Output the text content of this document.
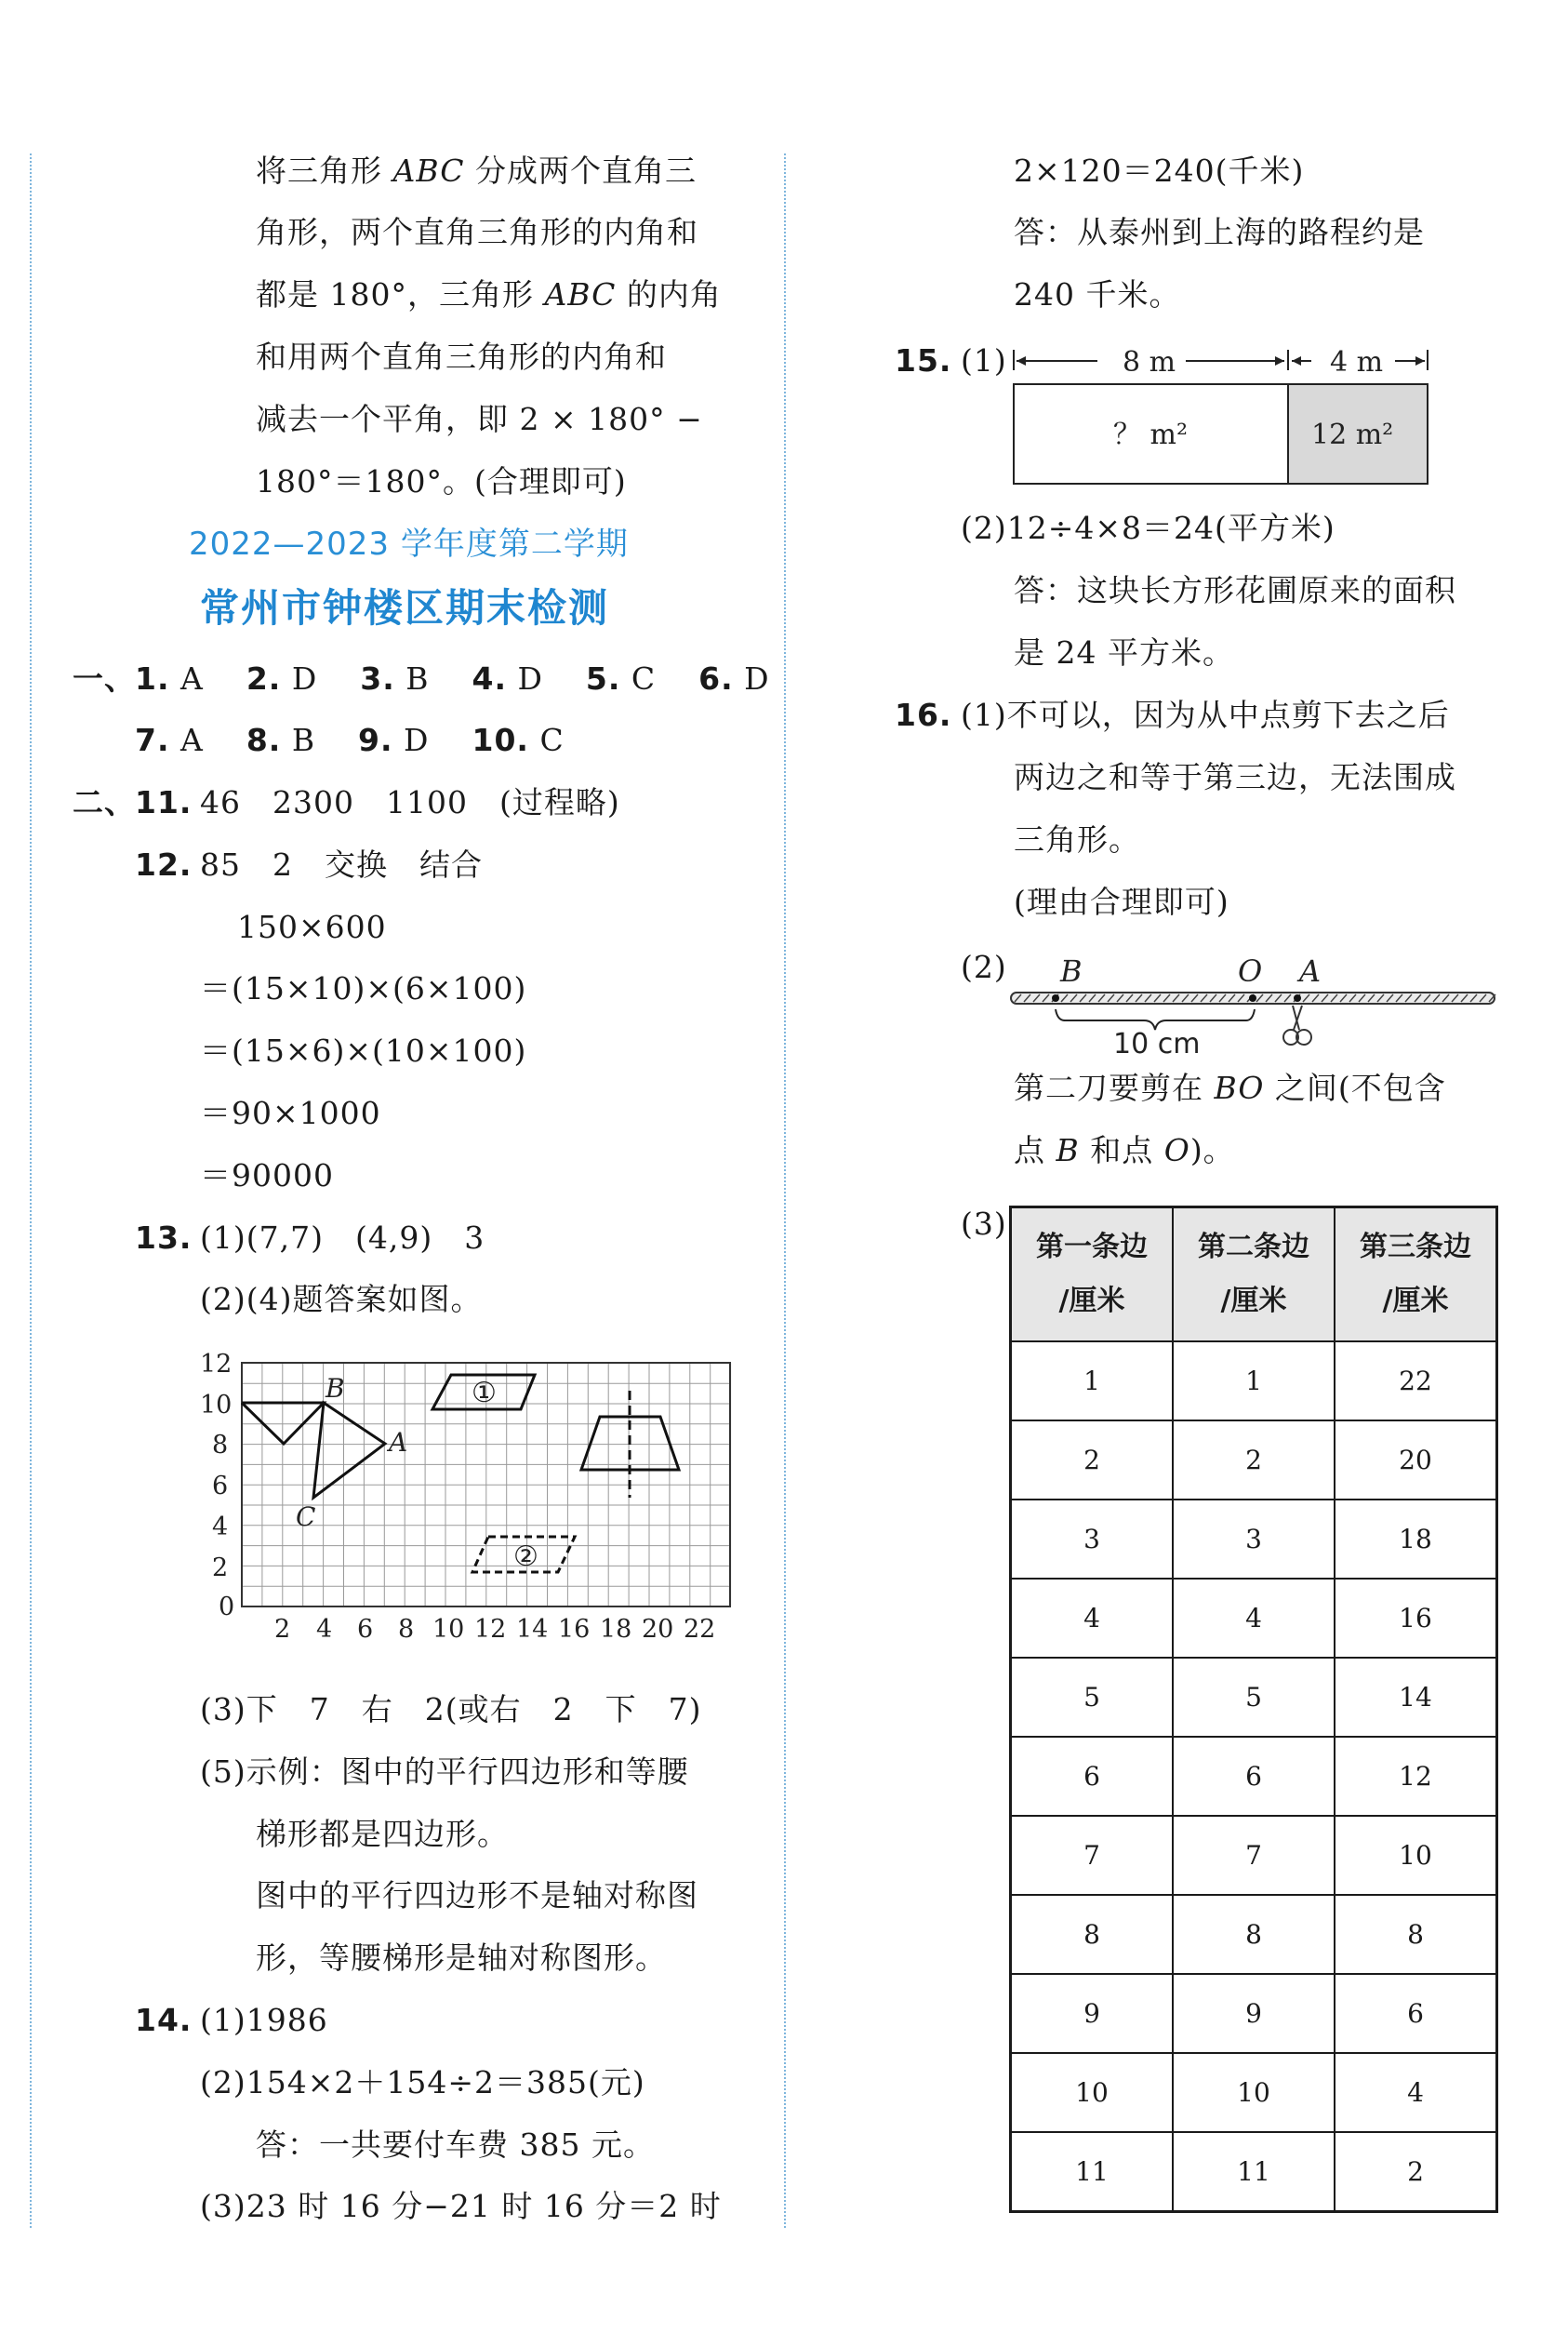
将三角形 ABC 分成两个直角三
角形，两个直角三角形的内角和
都是 180°，三角形 ABC 的内角
和用两个直角三角形的内角和
减去一个平角，即 2 × 180° −
180°＝180°。(合理即可)
2022—2023 学年度第二学期
常州市钟楼区期末检测
一、 1. A 2. D 3. B 4. D 5. C 6. D
7. A 8. B 9. D 10. C
二、 11. 46　2300　1100　(过程略)
12. 85　2　交换　结合
150×600
＝(15×10)×(6×100)
＝(15×6)×(10×100)
＝90×1000
＝90000
13. (1)(7,7)　(4,9)　3
(2)(4)题答案如图。
12
10
8
6
4
2
0
2 4 6 8 10 12 14 16 18 20 22
B
A
C
①
②
(3)下　7　右　2(或右　2　下　7)
(5)示例：图中的平行四边形和等腰
梯形都是四边形。
图中的平行四边形不是轴对称图
形，等腰梯形是轴对称图形。
14. (1)1986
(2)154×2＋154÷2＝385(元)
答：一共要付车费 385 元。
(3)23 时 16 分−21 时 16 分＝2 时
2×120＝240(千米)
答：从泰州到上海的路程约是
240 千米。
15. (1)	8 m	4 m
？ m²	12 m²
(2)12÷4×8＝24(平方米)
答：这块长方形花圃原来的面积
是 24 平方米。
16. (1)不可以，因为从中点剪下去之后
两边之和等于第三边，无法围成
三角形。
(理由合理即可)
(2) B	O A
10 cm
第二刀要剪在 BO 之间(不包含
点 B 和点 O)。
(3)
第一条边
/厘米	第二条边
/厘米	第三条边
/厘米
1	1	22
2	2	20
3	3	18
4	4	16
5	5	14
6	6	12
7	7	10
8	8	8
9	9	6
10	10	4
11	11	2
